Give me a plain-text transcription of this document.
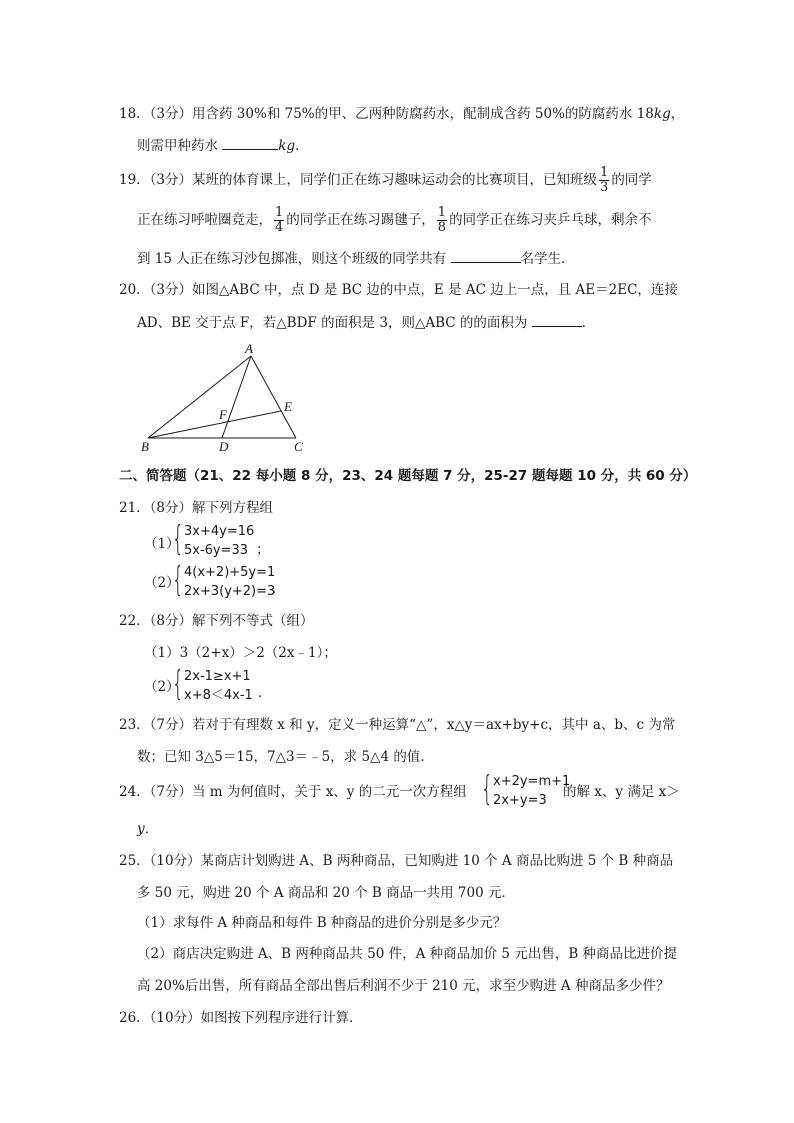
18．（3分）用含药 30%和 75%的甲、乙两种防腐药水，配制成含药 50%的防腐药水 18kg，
则需甲种药水	kg．
19．（3分）某班的体育课上，同学们正在练习趣味运动会的比赛项目，已知班级 $\frac{1}{3}$ 的同学
正在练习呼啦圈竞走， $\frac{1}{4}$ 的同学正在练习踢毽子， $\frac{1}{8}$ 的同学正在练习夹乒乓球，剩余不
到 15 人正在练习沙包掷准，则这个班级的同学共有	名学生．
20．（3分）如图△ABC 中，点 D 是 BC 边的中点，E 是 AC 边上一点，且 AE＝2EC，连接
AD、BE 交于点 F，若△BDF 的面积是 3，则△ABC 的的面积为	．
A
B	C
D
E
F
二、简答题（21、22 每小题 8 分，23、24 题每题 7 分，25-27 题每题 10 分，共 60 分）
21．（8分）解下列方程组
（1）
{ 3x+4y=16
5x-6y=33 ；
（2）
{ 4(x+2)+5y=1
2x+3(y+2)=3
．
22．（8分）解下列不等式（组）
（1）3（2+x）＞2（2x﹣1）；
（2）
{ 2x-1≥x+1
x+8＜4x-1 ．
23．（7分）若对于有理数 x 和 y，定义一种运算“△”，x△y＝ax+by+c，其中 a、b、c 为常
数；已知 3△5＝15，7△3＝﹣5，求 5△4 的值．
24．（7分）当 m 为何值时，关于 x、y 的二元一次方程组 { x+2y=m+1
2x+y=3
的解 x、y 满足 x＞
y．
25．（10分）某商店计划购进 A、B 两种商品，已知购进 10 个 A 商品比购进 5 个 B 种商品
多 50 元，购进 20 个 A 商品和 20 个 B 商品一共用 700 元．
（1）求每件 A 种商品和每件 B 种商品的进价分别是多少元？
（2）商店决定购进 A、B 两种商品共 50 件，A 种商品加价 5 元出售，B 种商品比进价提
高 20%后出售，所有商品全部出售后利润不少于 210 元，求至少购进 A 种商品多少件？
26．（10分）如图按下列程序进行计算．
